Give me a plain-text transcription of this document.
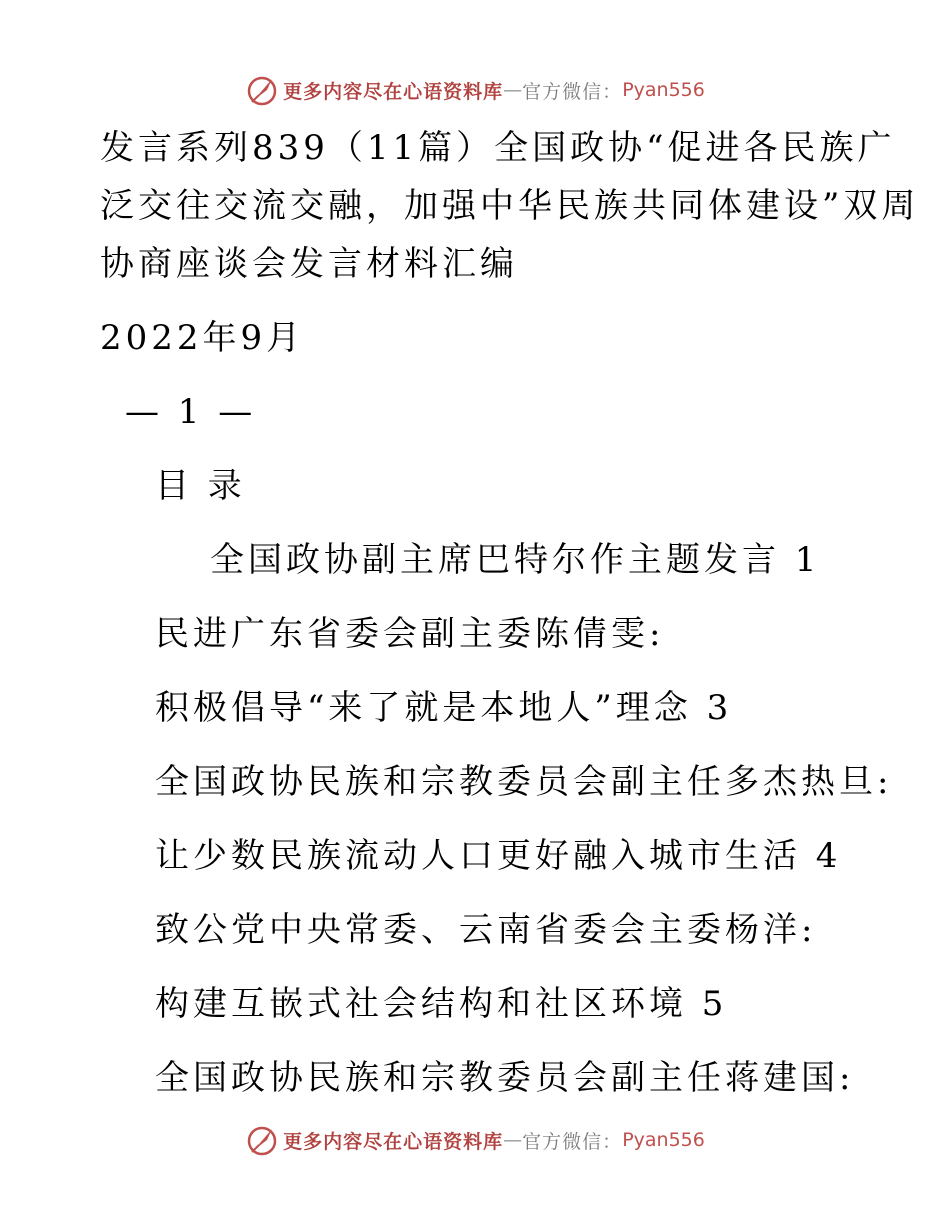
更多内容尽在心语资料库 — 官方微信： Pyan556
发言系列839（11篇）全国政协“促进各民族广
泛交往交流交融，加强中华民族共同体建设”双周
协商座谈会发言材料汇编
2022年9月
— 1 —
目 录
全国政协副主席巴特尔作主题发言 1
民进广东省委会副主委陈倩雯:
积极倡导“来了就是本地人”理念 3
全国政协民族和宗教委员会副主任多杰热旦:
让少数民族流动人口更好融入城市生活 4
致公党中央常委、云南省委会主委杨洋:
构建互嵌式社会结构和社区环境 5
全国政协民族和宗教委员会副主任蒋建国:
更多内容尽在心语资料库 — 官方微信： Pyan556
